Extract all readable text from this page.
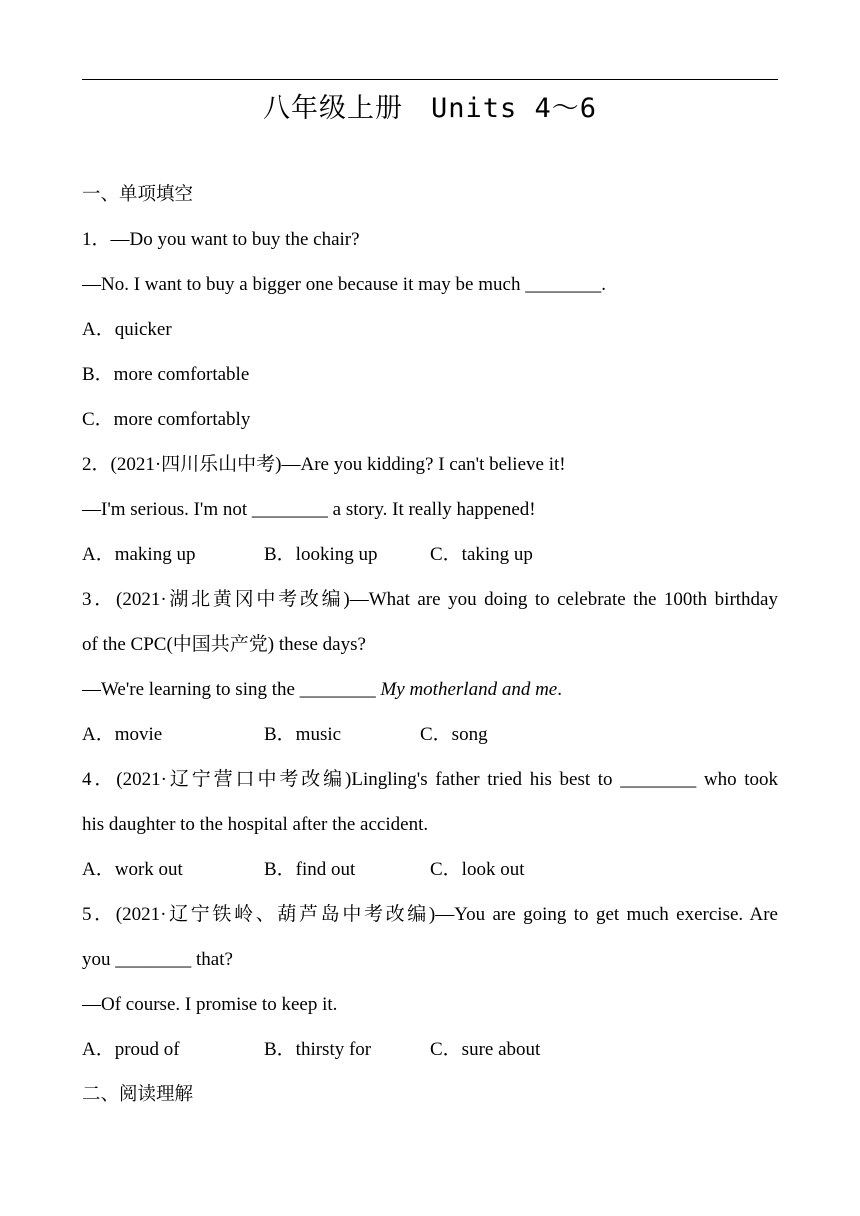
八年级上册 Units 4～6
一、单项填空
1．—Do you want to buy the chair?
—No. I want to buy a bigger one because it may be much ________.
A．quicker
B．more comfortable
C．more comfortably
2．(2021·四川乐山中考)—Are you kidding? I can't believe it!
—I'm serious. I'm not ________ a story. It really happened!
A．making up	B．looking up	C．taking up
3．(2021·湖北黄冈中考改编)—What are you doing to celebrate the 100th birthday
of the CPC(中国共产党) these days?
—We're learning to sing the ________ My motherland and me.
A．movie	B．music	C．song
4．(2021·辽宁营口中考改编)Lingling's father tried his best to ________ who took
his daughter to the hospital after the accident.
A．work out	B．find out	C．look out
5．(2021·辽宁铁岭、葫芦岛中考改编)—You are going to get much exercise. Are
you ________ that?
—Of course. I promise to keep it.
A．proud of	B．thirsty for	C．sure about
二、阅读理解
